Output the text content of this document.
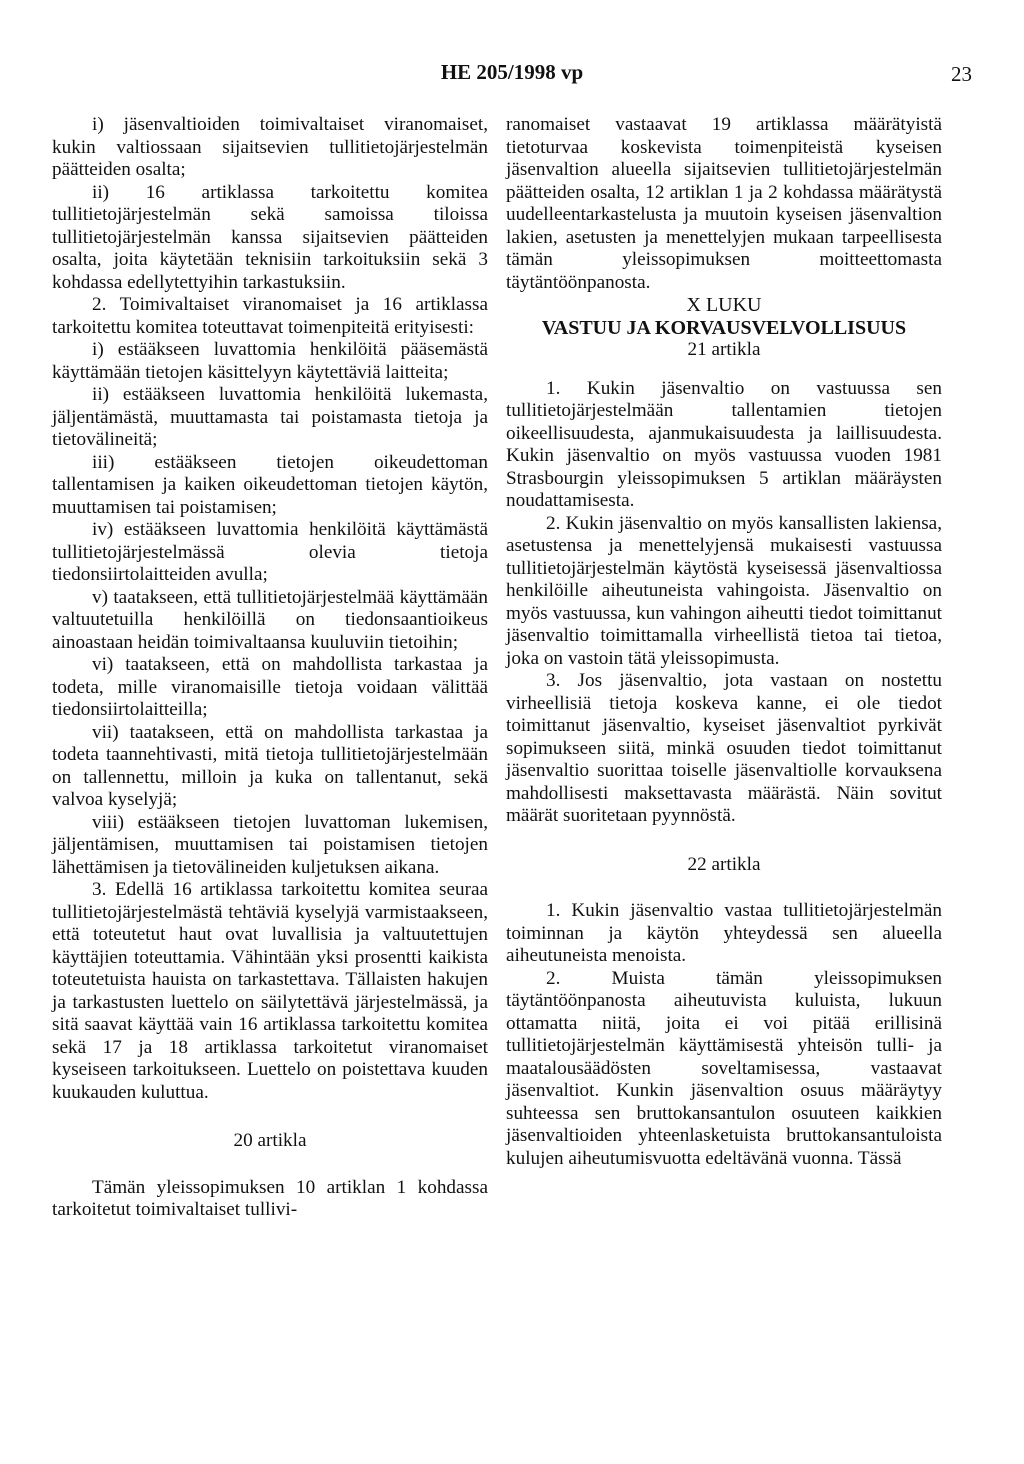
HE 205/1998 vp	23

i) jäsenvaltioiden toimivaltaiset viranomaiset, kukin valtiossaan sijaitsevien tullitietojärjestelmän päätteiden osalta;

ii) 16 artiklassa tarkoitettu komitea tullitietojärjestelmän sekä samoissa tiloissa tullitietojärjestelmän kanssa sijaitsevien päätteiden osalta, joita käytetään teknisiin tarkoituksiin sekä 3 kohdassa edellytettyihin tarkastuksiin.

2. Toimivaltaiset viranomaiset ja 16 artiklassa tarkoitettu komitea toteuttavat toimenpiteitä erityisesti:

i) estääkseen luvattomia henkilöitä pääsemästä käyttämään tietojen käsittelyyn käytettäviä laitteita;

ii) estääkseen luvattomia henkilöitä lukemasta, jäljentämästä, muuttamasta tai poistamasta tietoja ja tietovälineitä;

iii) estääkseen tietojen oikeudettoman tallentamisen ja kaiken oikeudettoman tietojen käytön, muuttamisen tai poistamisen;

iv) estääkseen luvattomia henkilöitä käyttämästä tullitietojärjestelmässä olevia tietoja tiedonsiirtolaitteiden avulla;

v) taatakseen, että tullitietojärjestelmää käyttämään valtuutetuilla henkilöillä on tiedonsaantioikeus ainoastaan heidän toimivaltaansa kuuluviin tietoihin;

vi) taatakseen, että on mahdollista tarkastaa ja todeta, mille viranomaisille tietoja voidaan välittää tiedonsiirtolaitteilla;

vii) taatakseen, että on mahdollista tarkastaa ja todeta taannehtivasti, mitä tietoja tullitietojärjestelmään on tallennettu, milloin ja kuka on tallentanut, sekä valvoa kyselyjä;

viii) estääkseen tietojen luvattoman lukemisen, jäljentämisen, muuttamisen tai poistamisen tietojen lähettämisen ja tietovälineiden kuljetuksen aikana.

3. Edellä 16 artiklassa tarkoitettu komitea seuraa tullitietojärjestelmästä tehtäviä kyselyjä varmistaakseen, että toteutetut haut ovat luvallisia ja valtuutettujen käyttäjien toteuttamia. Vähintään yksi prosentti kaikista toteutetuista hauista on tarkastettava. Tällaisten hakujen ja tarkastusten luettelo on säilytettävä järjestelmässä, ja sitä saavat käyttää vain 16 artiklassa tarkoitettu komitea sekä 17 ja 18 artiklassa tarkoitetut viranomaiset kyseiseen tarkoitukseen. Luettelo on poistettava kuuden kuukauden kuluttua.

20 artikla

Tämän yleissopimuksen 10 artiklan 1 kohdassa tarkoitetut toimivaltaiset tullivi-

ranomaiset vastaavat 19 artiklassa määrätyistä tietoturvaa koskevista toimenpiteistä kyseisen jäsenvaltion alueella sijaitsevien tullitietojärjestelmän päätteiden osalta, 12 artiklan 1 ja 2 kohdassa määrätystä uudelleentarkastelusta ja muutoin kyseisen jäsenvaltion lakien, asetusten ja menettelyjen mukaan tarpeellisesta tämän yleissopimuksen moitteettomasta täytäntöönpanosta.

X LUKU

VASTUU JA KORVAUSVELVOLLISUUS

21 artikla

1. Kukin jäsenvaltio on vastuussa sen tullitietojärjestelmään tallentamien tietojen oikeellisuudesta, ajanmukaisuudesta ja laillisuudesta. Kukin jäsenvaltio on myös vastuussa vuoden 1981 Strasbourgin yleissopimuksen 5 artiklan määräysten noudattamisesta.

2. Kukin jäsenvaltio on myös kansallisten lakiensa, asetustensa ja menettelyjensä mukaisesti vastuussa tullitietojärjestelmän käytöstä kyseisessä jäsenvaltiossa henkilöille aiheutuneista vahingoista. Jäsenvaltio on myös vastuussa, kun vahingon aiheutti tiedot toimittanut jäsenvaltio toimittamalla virheellistä tietoa tai tietoa, joka on vastoin tätä yleissopimusta.

3. Jos jäsenvaltio, jota vastaan on nostettu virheellisiä tietoja koskeva kanne, ei ole tiedot toimittanut jäsenvaltio, kyseiset jäsenvaltiot pyrkivät sopimukseen siitä, minkä osuuden tiedot toimittanut jäsenvaltio suorittaa toiselle jäsenvaltiolle korvauksena mahdollisesti maksettavasta määrästä. Näin sovitut määrät suoritetaan pyynnöstä.

22 artikla

1. Kukin jäsenvaltio vastaa tullitietojärjestelmän toiminnan ja käytön yhteydessä sen alueella aiheutuneista menoista.

2. Muista tämän yleissopimuksen täytäntöönpanosta aiheutuvista kuluista, lukuun ottamatta niitä, joita ei voi pitää erillisinä tullitietojärjestelmän käyttämisestä yhteisön tulli- ja maatalousäädösten soveltamisessa, vastaavat jäsenvaltiot. Kunkin jäsenvaltion osuus määräytyy suhteessa sen bruttokansantulon osuuteen kaikkien jäsenvaltioiden yhteenlasketuista bruttokansantuloista kulujen aiheutumisvuotta edeltävänä vuonna. Tässä
